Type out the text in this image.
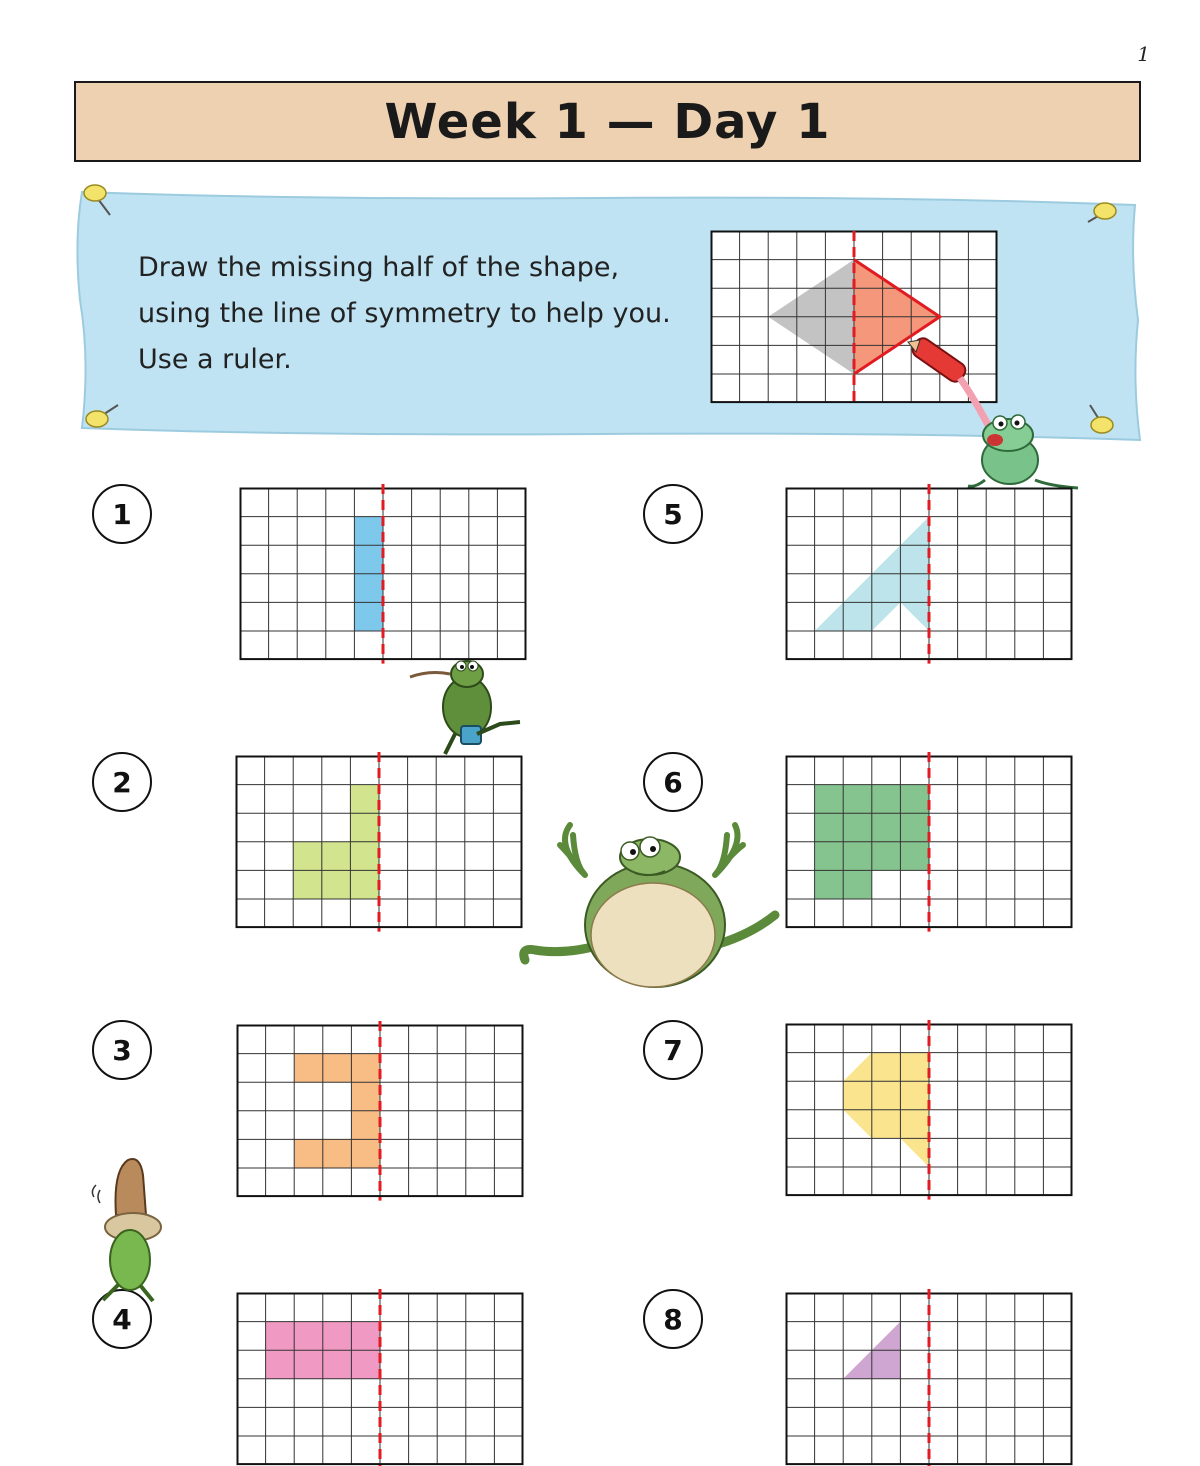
1
Week 1 — Day 1
Draw the missing half of the shape,
using the line of symmetry to help you.
Use a ruler.
1
2
3
4
5
6
7
8
